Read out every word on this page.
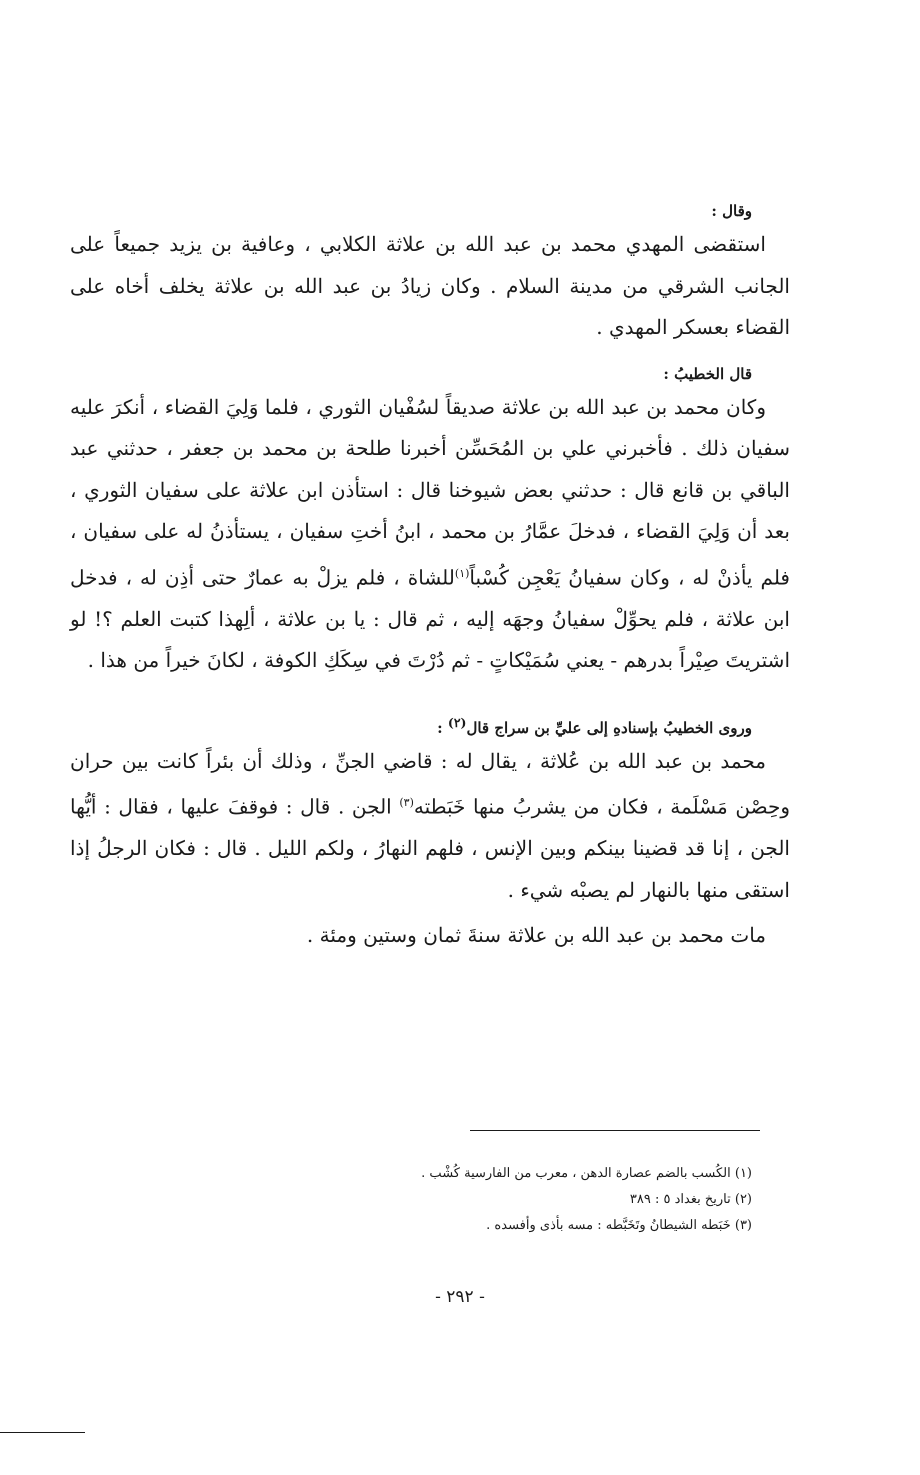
وقال :

استقضى المهدي محمد بن عبد الله بن علاثة الكلابي ، وعافية بن يزيد جميعاً على الجانب الشرقي من مدينة السلام . وكان زيادُ بن عبد الله بن علاثة يخلف أخاه على القضاء بعسكر المهدي .

قال الخطيبُ :

وكان محمد بن عبد الله بن علاثة صديقاً لسُفْيان الثوري ، فلما وَلِيَ القضاء ، أنكرَ عليه سفيان ذلك . فأخبرني علي بن المُحَسِّن أخبرنا طلحة بن محمد بن جعفر ، حدثني عبد الباقي بن قانع قال : حدثني بعض شيوخنا قال : استأذن ابن علاثة على سفيان الثوري ، بعد أن وَلِيَ القضاء ، فدخلَ عمَّارُ بن محمد ، ابنُ أختِ سفيان ، يستأذنُ له على سفيان ، فلم يأذنْ له ، وكان سفيانُ يَعْجِن كُسْباً$^{(١)}$للشاة ، فلم يزلْ به عمارٌ حتى أذِن له ، فدخل ابن علاثة ، فلم يحوِّلْ سفيانُ وجهَه إليه ، ثم قال : يا بن علاثة ، ألِهذا كتبت العلم ؟! لو اشتريتَ صِيْراً بدرهم - يعني سُمَيْكاتٍ - ثم دُرْتَ في سِكَكِ الكوفة ، لكانَ خيراً من هذا .

وروى الخطيبُ بإسنادهِ إلى عليِّ بن سراج قال$^{(٢)}$ :

محمد بن عبد الله بن عُلاثة ، يقال له : قاضي الجنِّ ، وذلك أن بئراً كانت بين حران وحِصْن مَسْلَمة ، فكان من يشربُ منها خَبَطته$^{(٣)}$ الجن . قال : فوقفَ عليها ، فقال : أيُّها الجن ، إنا قد قضينا بينكم وبين الإنس ، فلهم النهارُ ، ولكم الليل . قال : فكان الرجلُ إذا استقى منها بالنهار لم يصبْه شيء .

مات محمد بن عبد الله بن علاثة سنةَ ثمان وستين ومئة .

(١) الكُسب بالضم عصارة الدهن ، معرب من الفارسية كُشْب .

(٢) تاريخ بغداد ٥ : ٣٨٩

(٣) خَبَطه الشيطانُ وتَخَبَّطه : مسه بأذى وأفسده .

- ٢٩٢ -
